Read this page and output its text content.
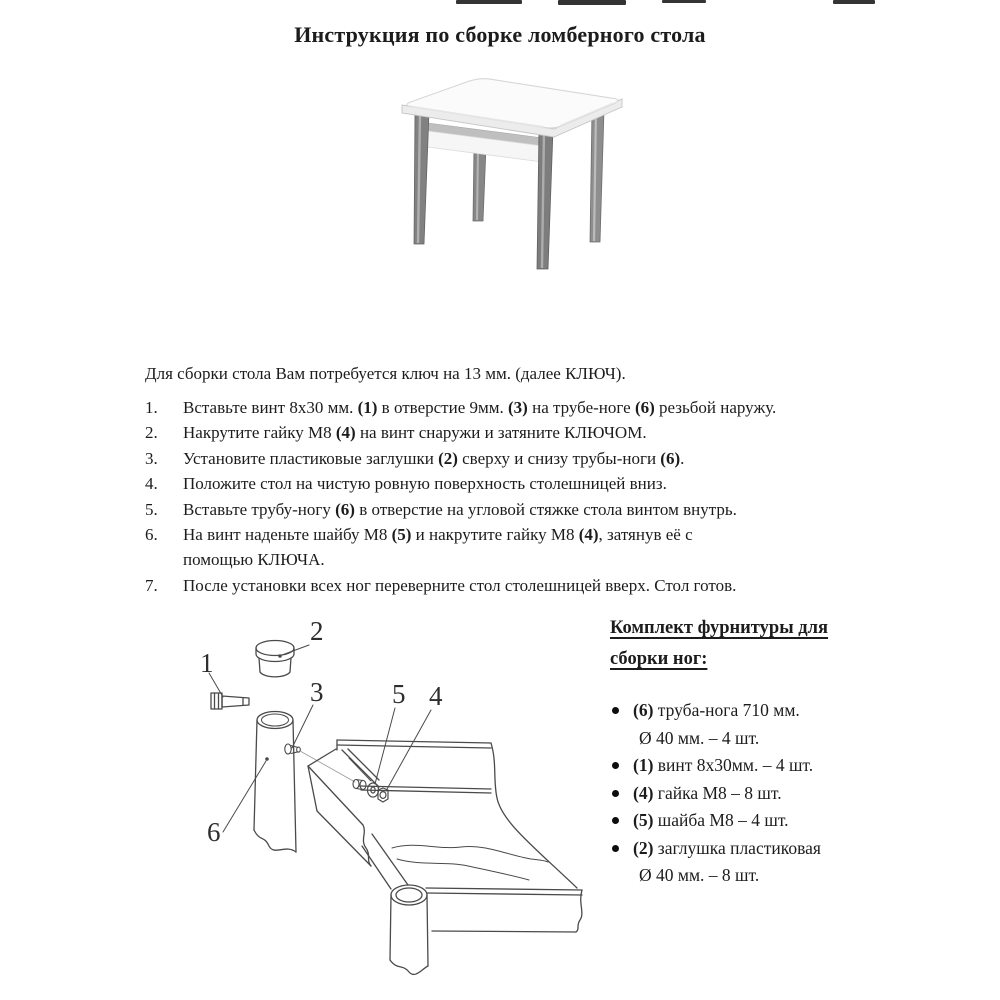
Инструкция по сборке ломберного стола

Для сборки стола Вам потребуется ключ на 13 мм. (далее КЛЮЧ).

1.	Вставьте винт 8х30 мм. (1) в отверстие 9мм. (3) на трубе-ноге (6) резьбой наружу.
2.	Накрутите гайку М8 (4) на винт снаружи и затяните КЛЮЧОМ.
3.	Установите пластиковые заглушки (2) сверху и снизу трубы-ноги (6).
4.	Положите стол на чистую ровную поверхность столешницей вниз.
5.	Вставьте трубу-ногу (6) в отверстие на угловой стяжке стола винтом внутрь.
6.	На винт наденьте шайбу М8 (5) и накрутите гайку М8 (4), затянув её с
помощью КЛЮЧА.
7.	После установки всех ног переверните стол столешницей вверх. Стол готов.
1
2
3	4
5
6
Комплект фурнитуры для
сборки ног:
(6) труба-нога 710 мм.
Ø 40 мм. – 4 шт.
(1) винт 8х30мм. – 4 шт.
(4) гайка М8 – 8 шт.
(5) шайба М8 – 4 шт.
(2) заглушка пластиковая
Ø 40 мм. – 8 шт.
